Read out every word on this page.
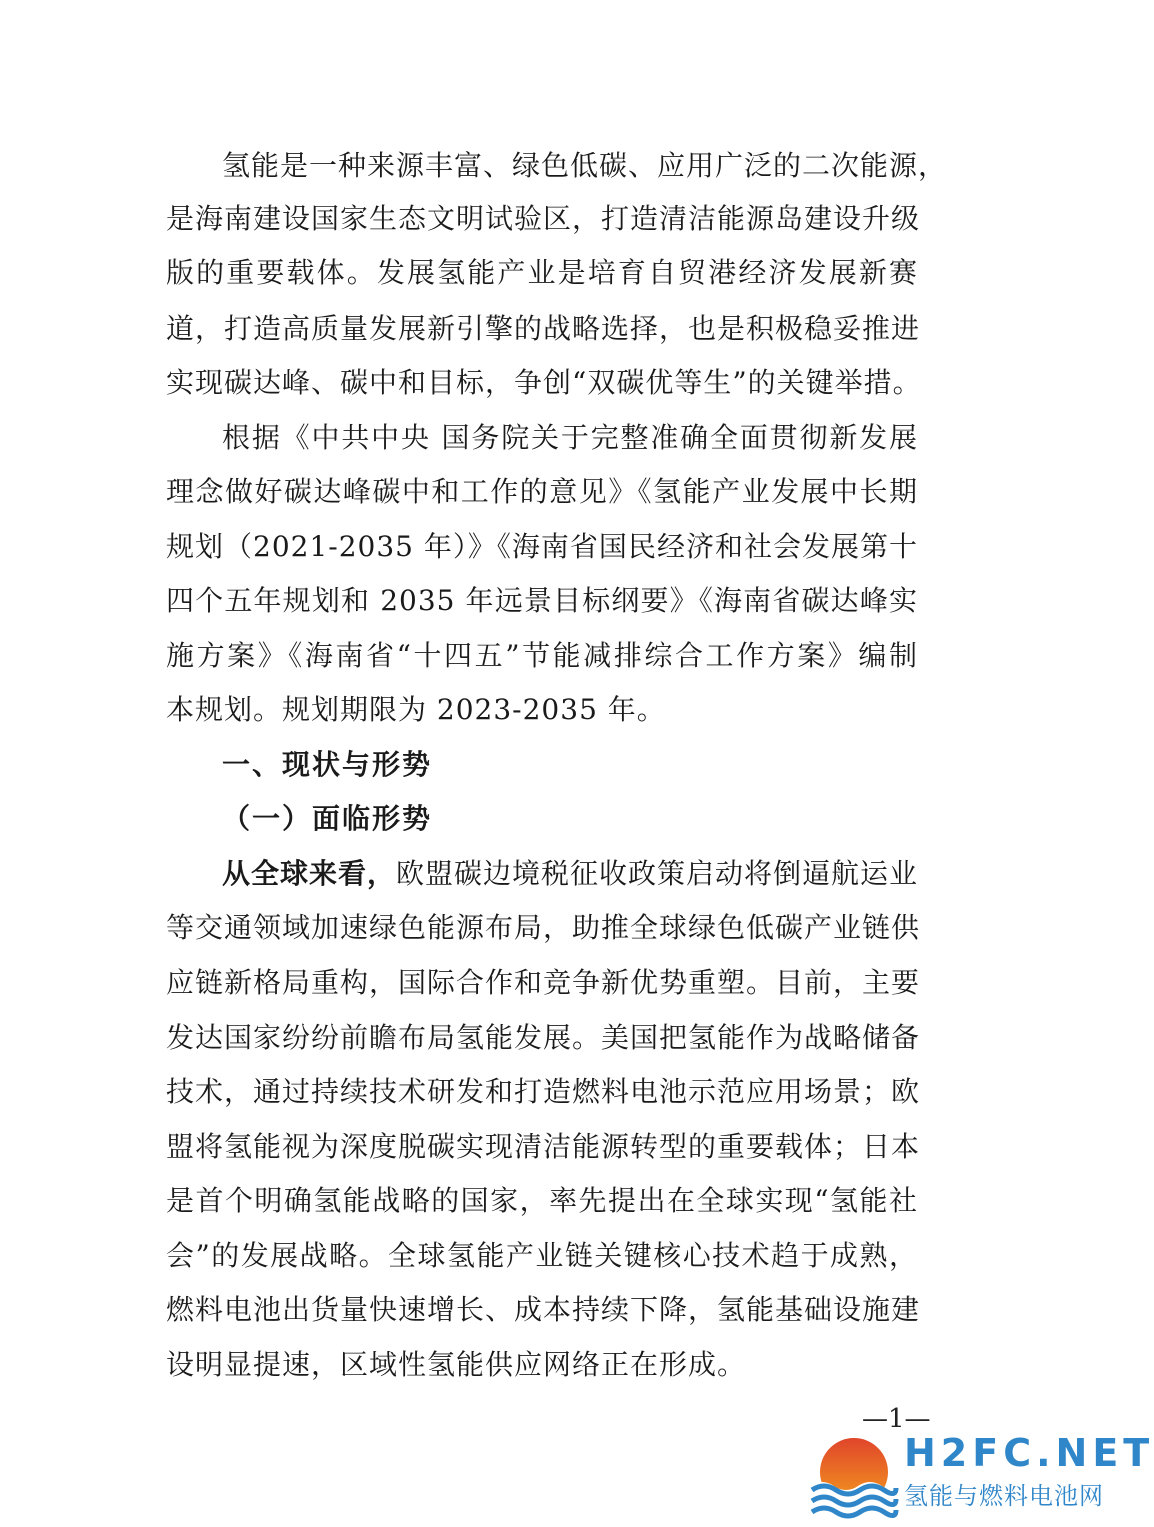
氢能是一种来源丰富、绿色低碳、应用广泛的二次能源，
是海南建设国家生态文明试验区，打造清洁能源岛建设升级
版的重要载体。发展氢能产业是培育自贸港经济发展新赛
道，打造高质量发展新引擎的战略选择，也是积极稳妥推进
实现碳达峰、碳中和目标，争创“双碳优等生”的关键举措。
根据《中共中央 国务院关于完整准确全面贯彻新发展
理念做好碳达峰碳中和工作的意见》《氢能产业发展中长期
规划（2021-2035 年）》《海南省国民经济和社会发展第十
四个五年规划和 2035 年远景目标纲要》《海南省碳达峰实
施方案》《海南省“十四五”节能减排综合工作方案》编制
本规划。规划期限为 2023-2035 年。
一、现状与形势
（一）面临形势
从全球来看，欧盟碳边境税征收政策启动将倒逼航运业
等交通领域加速绿色能源布局，助推全球绿色低碳产业链供
应链新格局重构，国际合作和竞争新优势重塑。目前，主要
发达国家纷纷前瞻布局氢能发展。美国把氢能作为战略储备
技术，通过持续技术研发和打造燃料电池示范应用场景；欧
盟将氢能视为深度脱碳实现清洁能源转型的重要载体；日本
是首个明确氢能战略的国家，率先提出在全球实现“氢能社
会”的发展战略。全球氢能产业链关键核心技术趋于成熟，
燃料电池出货量快速增长、成本持续下降，氢能基础设施建
设明显提速，区域性氢能供应网络正在形成。
—1—
H2FC.NET
氢能与燃料电池网
